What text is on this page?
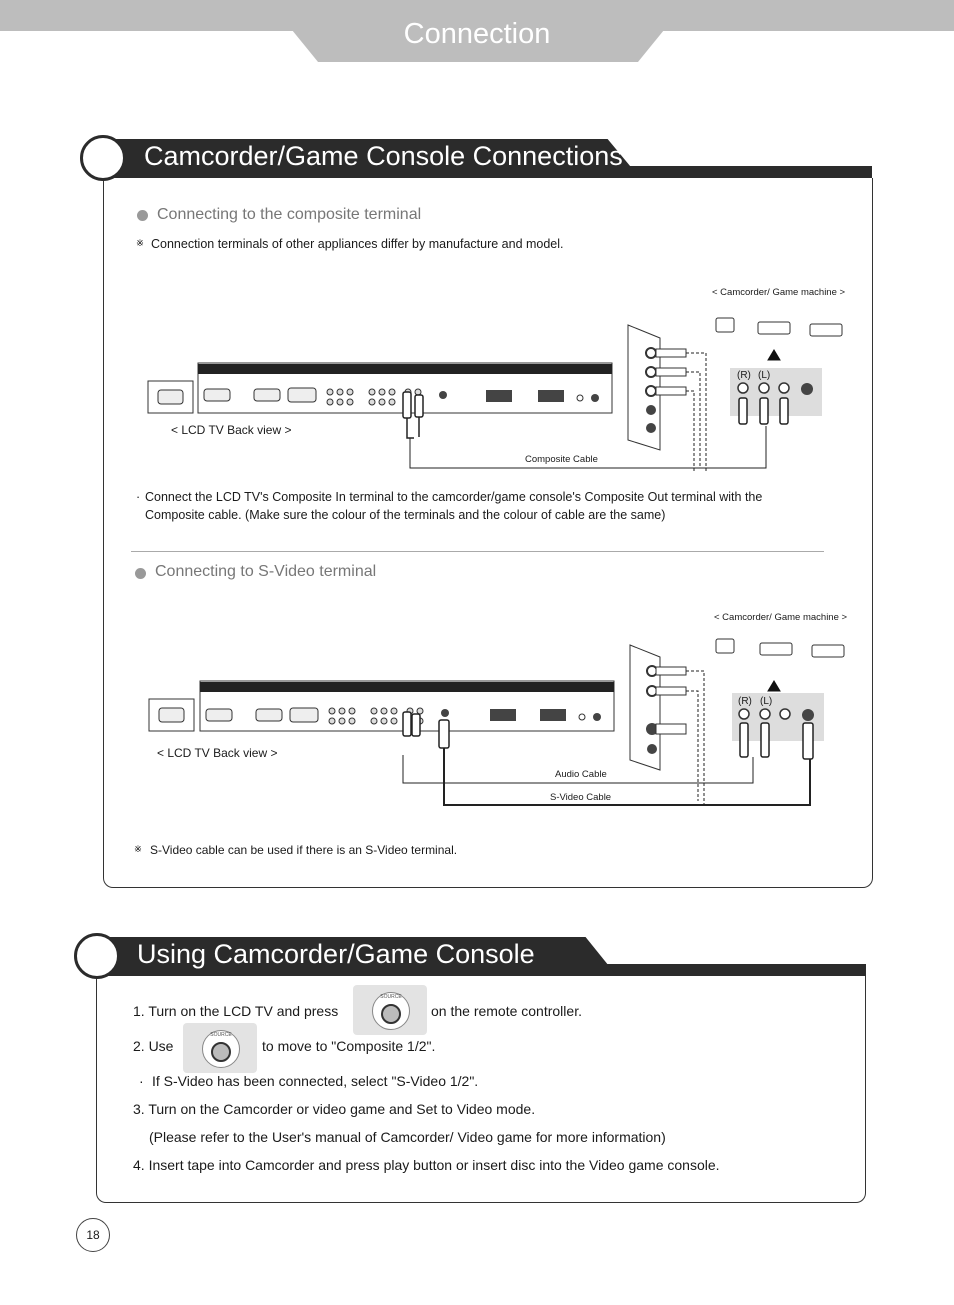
Connection
Camcorder/Game Console Connections
Connecting to the composite terminal
※ Connection terminals of other appliances differ by manufacture and model.
< Camcorder/ Game machine >
(R) (L)
< LCD TV Back view >
Composite Cable
· Connect the LCD TV's Composite In terminal to the camcorder/game console's Composite Out terminal with the
Composite cable. (Make sure the colour of the terminals and the colour of cable are the same)
Connecting to S-Video terminal
< Camcorder/ Game machine >
(R) (L)
< LCD TV Back view >
Audio Cable
S-Video Cable
※ S-Video cable can be used if there is an S-Video terminal.
Using Camcorder/Game Console
1. Turn on the LCD TV and press
SOURCE
on the remote controller.
2. Use
SOURCE
to move to "Composite 1/2".
· If S-Video has been connected, select "S-Video 1/2".
3. Turn on the Camcorder or video game and Set to Video mode.
(Please refer to the User's manual of Camcorder/ Video game for more information)
4. Insert tape into Camcorder and press play button or insert disc into the Video game console.
18
